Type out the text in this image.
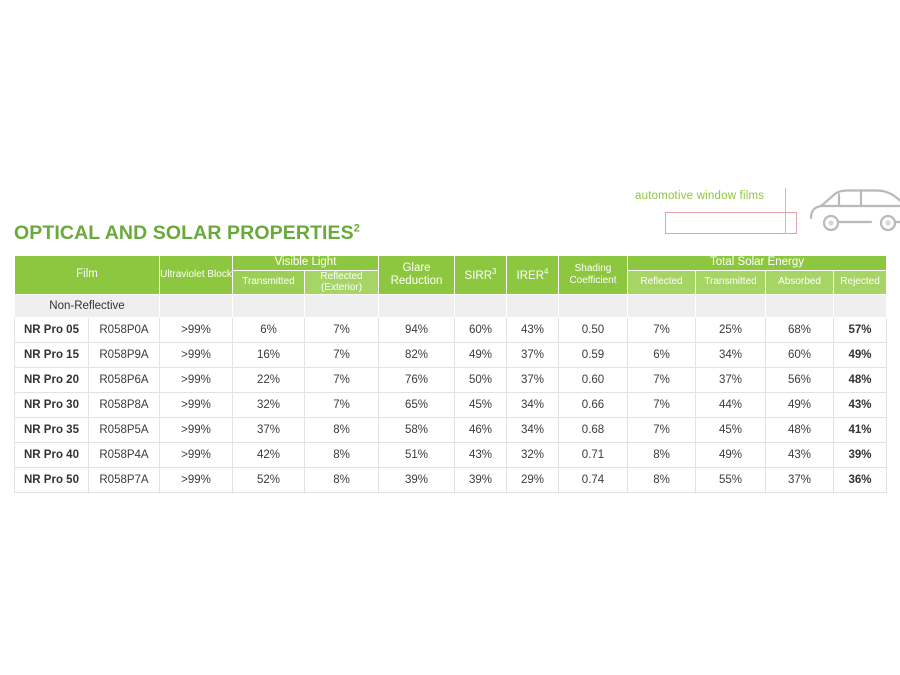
automotive window films
OPTICAL AND SOLAR PROPERTIES$^2$
Film		Ultraviolet Block	Visible Light		Glare Reduction	SIRR$^3$	IRER$^4$	Shading Coefficient	Total Solar Energy			
			Transmitted	Reflected (Exterior)					Reflected	Transmitted	Absorbed	Rejected
Non-Reflective												
NR Pro 05	R058P0A	>99%	6%	7%	94%	60%	43%	0.50	7%	25%	68%	57%
NR Pro 15	R058P9A	>99%	16%	7%	82%	49%	37%	0.59	6%	34%	60%	49%
NR Pro 20	R058P6A	>99%	22%	7%	76%	50%	37%	0.60	7%	37%	56%	48%
NR Pro 30	R058P8A	>99%	32%	7%	65%	45%	34%	0.66	7%	44%	49%	43%
NR Pro 35	R058P5A	>99%	37%	8%	58%	46%	34%	0.68	7%	45%	48%	41%
NR Pro 40	R058P4A	>99%	42%	8%	51%	43%	32%	0.71	8%	49%	43%	39%
NR Pro 50	R058P7A	>99%	52%	8%	39%	39%	29%	0.74	8%	55%	37%	36%
